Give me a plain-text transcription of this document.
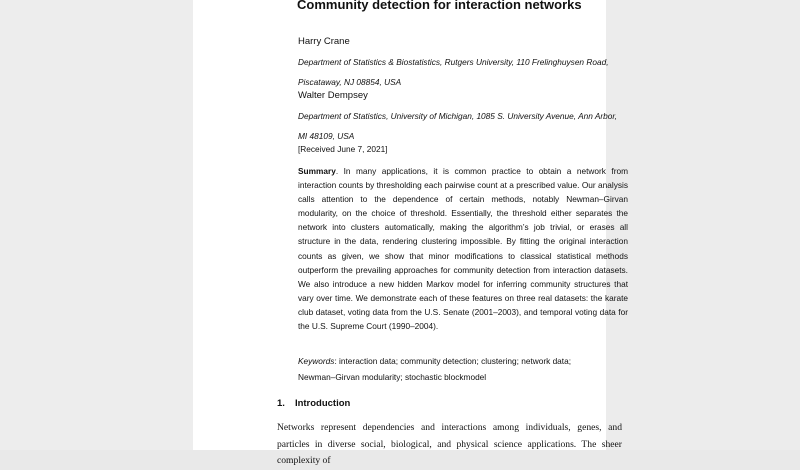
Community detection for interaction networks
Harry Crane
Department of Statistics & Biostatistics, Rutgers University, 110 Frelinghuysen Road, Piscataway, NJ 08854, USA
Walter Dempsey
Department of Statistics, University of Michigan, 1085 S. University Avenue, Ann Arbor, MI 48109, USA
[Received June 7, 2021]

Summary. In many applications, it is common practice to obtain a network from interaction counts by thresholding each pairwise count at a prescribed value. Our analysis calls attention to the dependence of certain methods, notably Newman–Girvan modularity, on the choice of threshold. Essentially, the threshold either separates the network into clusters automatically, making the algorithm’s job trivial, or erases all structure in the data, rendering clustering impossible. By fitting the original interaction counts as given, we show that minor modifications to classical statistical methods outperform the prevailing approaches for community detection from interaction datasets. We also introduce a new hidden Markov model for inferring community structures that vary over time. We demonstrate each of these features on three real datasets: the karate club dataset, voting data from the U.S. Senate (2001–2003), and temporal voting data for the U.S. Supreme Court (1990–2004).

Keywords: interaction data; community detection; clustering; network data; Newman–Girvan modularity; stochastic blockmodel

1. Introduction

Networks represent dependencies and interactions among individuals, genes, and particles in diverse social, biological, and physical science applications. The sheer complexity of
